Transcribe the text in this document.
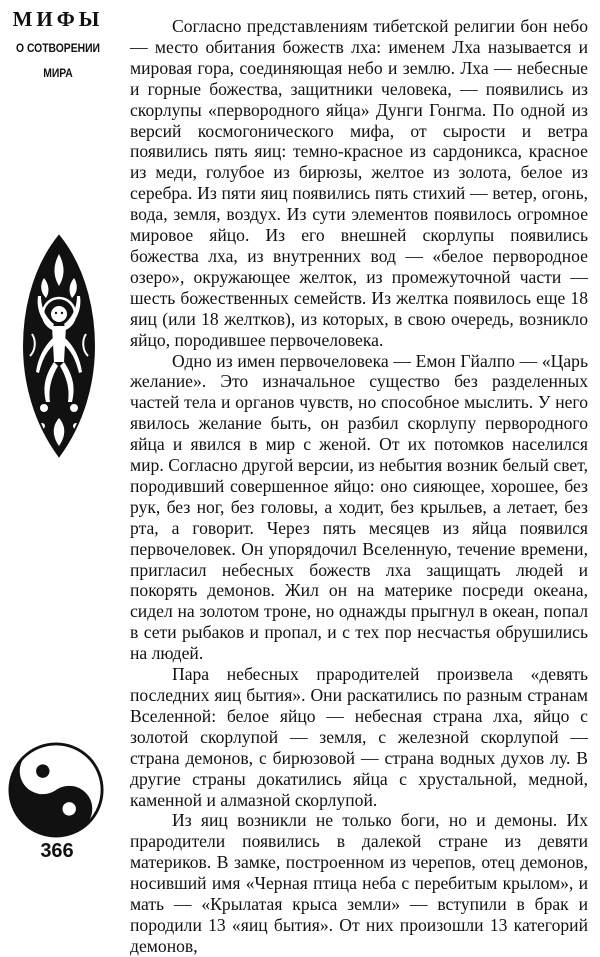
МИФЫ
О СОТВОРЕНИИ
МИРА
366

Согласно представлениям тибетской религии бон небо — место обитания божеств лха: именем Лха называется и мировая гора, соединяющая небо и землю. Лха — небесные и горные божества, защитники человека, — появились из скорлупы «первородного яйца» Дунги Гонгма. По одной из версий космогонического мифа, от сырости и ветра появились пять яиц: темно-красное из сардоникса, красное из меди, голубое из бирюзы, желтое из золота, белое из серебра. Из пяти яиц появились пять стихий — ветер, огонь, вода, земля, воздух. Из сути элементов появилось огромное мировое яйцо. Из его внешней скорлупы появились божества лха, из внутренних вод — «белое первородное озеро», окружающее желток, из промежуточной части — шесть божественных семейств. Из желтка появилось еще 18 яиц (или 18 желтков), из которых, в свою очередь, возникло яйцо, породившее первочеловека.

Одно из имен первочеловека — Емон Гйалпо — «Царь желание». Это изначальное существо без разделенных частей тела и органов чувств, но способное мыслить. У него явилось желание быть, он разбил скорлупу первородного яйца и явился в мир с женой. От их потомков населился мир. Согласно другой версии, из небытия возник белый свет, породивший совершенное яйцо: оно сияющее, хорошее, без рук, без ног, без головы, а ходит, без крыльев, а летает, без рта, а говорит. Через пять месяцев из яйца появился первочеловек. Он упорядочил Вселенную, течение времени, пригласил небесных божеств лха защищать людей и покорять демонов. Жил он на материке посреди океана, сидел на золотом троне, но однажды прыгнул в океан, попал в сети рыбаков и пропал, и с тех пор несчастья обрушились на людей.

Пара небесных прародителей произвела «девять последних яиц бытия». Они раскатились по разным странам Вселенной: белое яйцо — небесная страна лха, яйцо с золотой скорлупой — земля, с железной скорлупой — страна демонов, с бирюзовой — страна водных духов лу. В другие страны докатились яйца с хрустальной, медной, каменной и алмазной скорлупой.

Из яиц возникли не только боги, но и демоны. Их прародители появились в далекой стране из девяти материков. В замке, построенном из черепов, отец демонов, носивший имя «Черная птица неба с перебитым крылом», и мать — «Крылатая крыса земли» — вступили в брак и породили 13 «яиц бытия». От них произошли 13 категорий демонов,
